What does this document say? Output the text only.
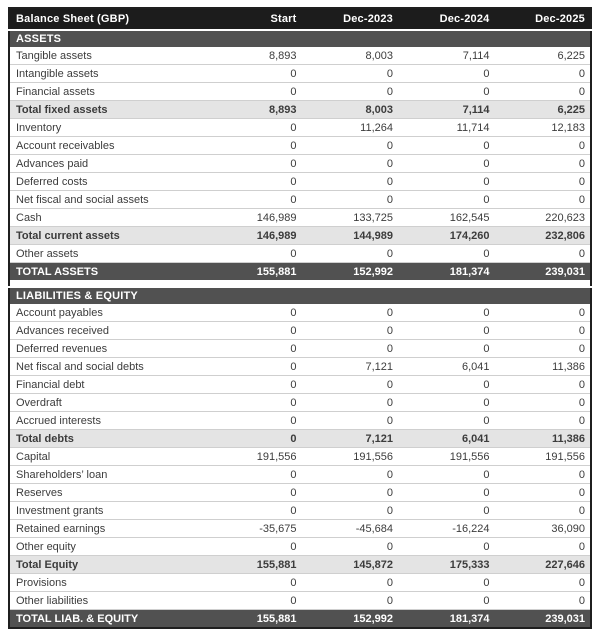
Balance Sheet (GBP)	Start	Dec-2023	Dec-2024	Dec-2025
ASSETS				
Tangible assets	8,893	8,003	7,114	6,225
Intangible assets	0	0	0	0
Financial assets	0	0	0	0
Total fixed assets	8,893	8,003	7,114	6,225
Inventory	0	11,264	11,714	12,183
Account receivables	0	0	0	0
Advances paid	0	0	0	0
Deferred costs	0	0	0	0
Net fiscal and social assets	0	0	0	0
Cash	146,989	133,725	162,545	220,623
Total current assets	146,989	144,989	174,260	232,806
Other assets	0	0	0	0
TOTAL ASSETS	155,881	152,992	181,374	239,031

LIABILITIES & EQUITY				
Account payables	0	0	0	0
Advances received	0	0	0	0
Deferred revenues	0	0	0	0
Net fiscal and social debts	0	7,121	6,041	11,386
Financial debt	0	0	0	0
Overdraft	0	0	0	0
Accrued interests	0	0	0	0
Total debts	0	7,121	6,041	11,386
Capital	191,556	191,556	191,556	191,556
Shareholders’ loan	0	0	0	0
Reserves	0	0	0	0
Investment grants	0	0	0	0
Retained earnings	-35,675	-45,684	-16,224	36,090
Other equity	0	0	0	0
Total Equity	155,881	145,872	175,333	227,646
Provisions	0	0	0	0
Other liabilities	0	0	0	0
TOTAL LIAB. & EQUITY	155,881	152,992	181,374	239,031
